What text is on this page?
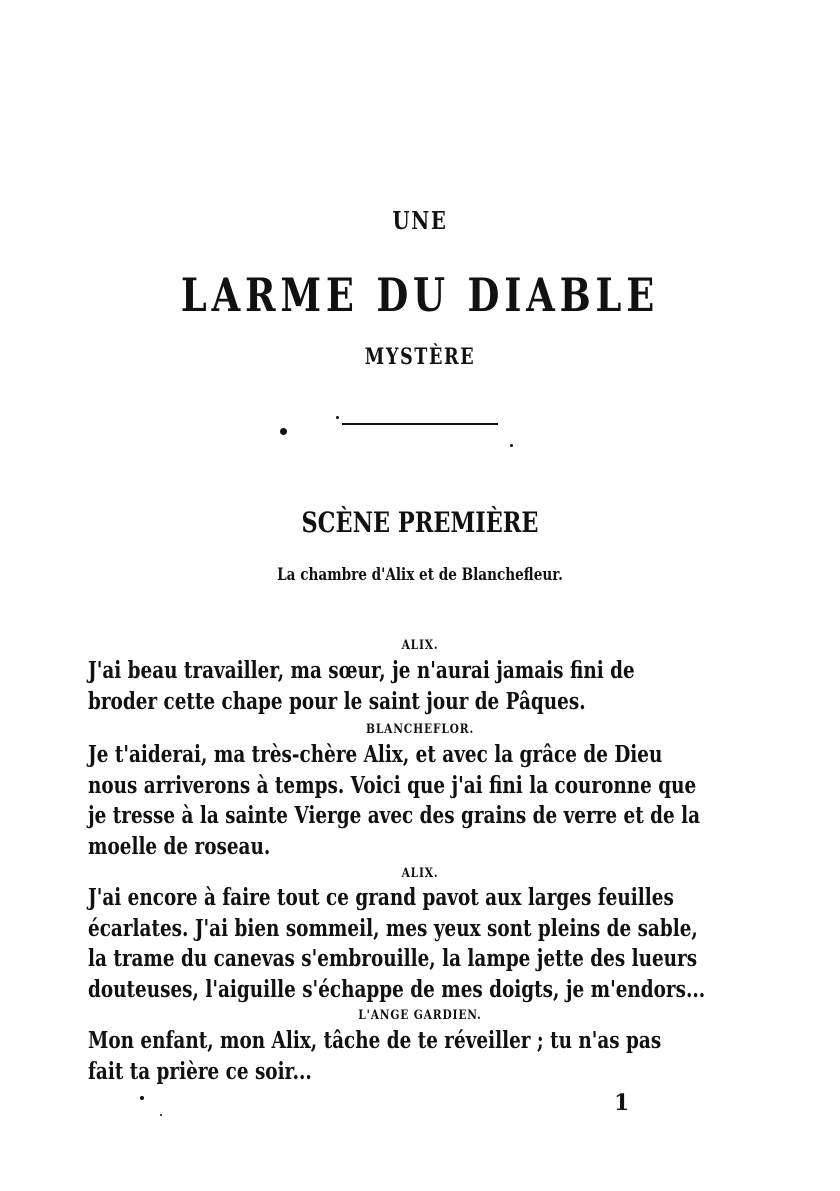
UNE
LARME DU DIABLE
MYSTÈRE
SCÈNE PREMIÈRE
La chambre d'Alix et de Blanchefleur.
ALIX.
J'ai beau travailler, ma sœur, je n'aurai jamais fini de
broder cette chape pour le saint jour de Pâques.
BLANCHEFLOR.
Je t'aiderai, ma très-chère Alix, et avec la grâce de Dieu
nous arriverons à temps. Voici que j'ai fini la couronne que
je tresse à la sainte Vierge avec des grains de verre et de la
moelle de roseau.
ALIX.
J'ai encore à faire tout ce grand pavot aux larges feuilles
écarlates. J'ai bien sommeil, mes yeux sont pleins de sable,
la trame du canevas s'embrouille, la lampe jette des lueurs
douteuses, l'aiguille s'échappe de mes doigts, je m'endors...
L'ANGE GARDIEN.
Mon enfant, mon Alix, tâche de te réveiller ; tu n'as pas
fait ta prière ce soir...
1
